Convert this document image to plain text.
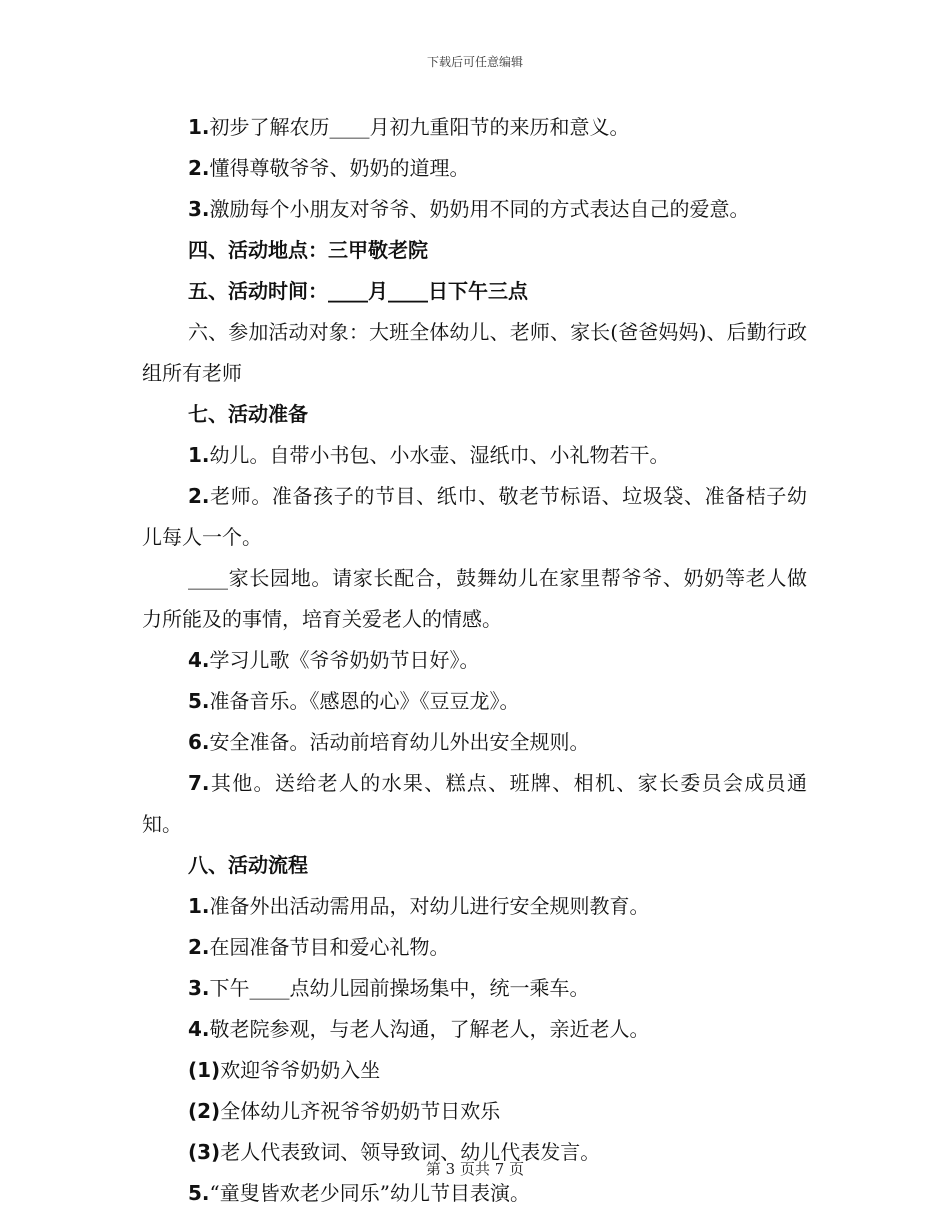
下载后可任意编辑
1.初步了解农历____月初九重阳节的来历和意义。
2.懂得尊敬爷爷、奶奶的道理。
3.激励每个小朋友对爷爷、奶奶用不同的方式表达自己的爱意。
四、活动地点：三甲敬老院
五、活动时间：____月____日下午三点
六、参加活动对象：大班全体幼儿、老师、家长(爸爸妈妈)、后勤行政组所有老师
七、活动准备
1.幼儿。自带小书包、小水壶、湿纸巾、小礼物若干。
2.老师。准备孩子的节目、纸巾、敬老节标语、垃圾袋、准备桔子幼儿每人一个。
____家长园地。请家长配合，鼓舞幼儿在家里帮爷爷、奶奶等老人做力所能及的事情，培育关爱老人的情感。
4.学习儿歌《爷爷奶奶节日好》。
5.准备音乐。《感恩的心》《豆豆龙》。
6.安全准备。活动前培育幼儿外出安全规则。
7.其他。送给老人的水果、糕点、班牌、相机、家长委员会成员通知。
八、活动流程
1.准备外出活动需用品，对幼儿进行安全规则教育。
2.在园准备节目和爱心礼物。
3.下午____点幼儿园前操场集中，统一乘车。
4.敬老院参观，与老人沟通，了解老人，亲近老人。
(1)欢迎爷爷奶奶入坐
(2)全体幼儿齐祝爷爷奶奶节日欢乐
(3)老人代表致词、领导致词、幼儿代表发言。
5.“童叟皆欢老少同乐”幼儿节目表演。
第 3 页共 7 页
